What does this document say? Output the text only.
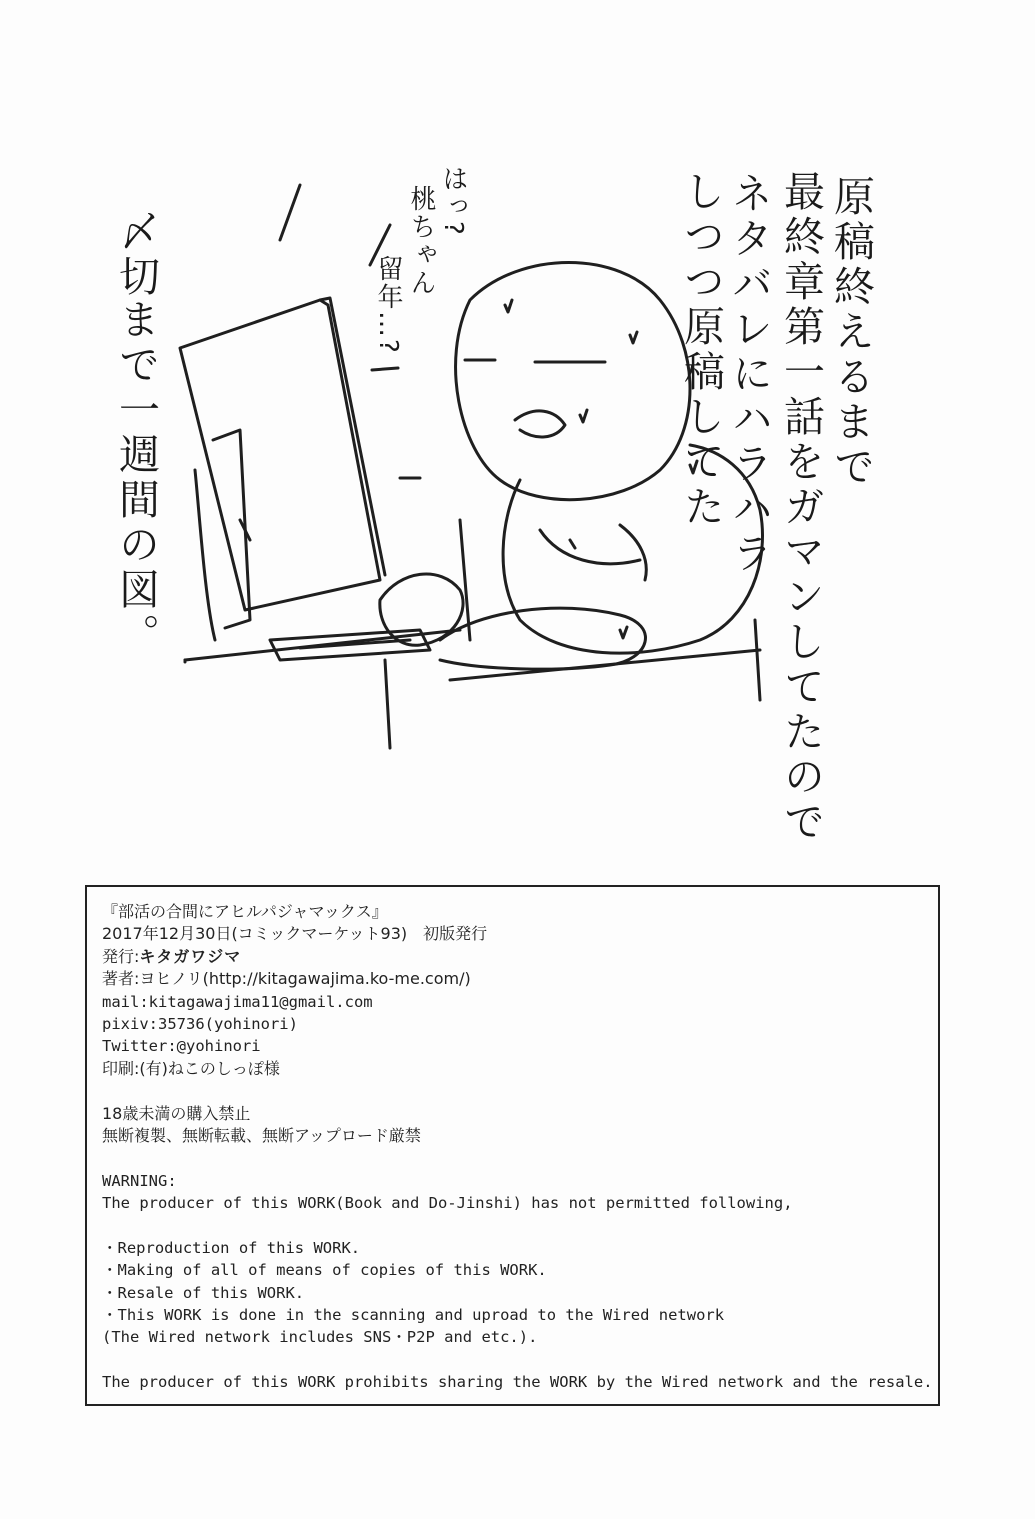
原稿終えるまで
最終章第一話をガマンしてたので
ネタバレにハラハラ
しつつ原稿してた
はっ?
桃ちゃん
留年…?
〆切
まで一週間の図。
『部活の合間にアヒルパジャマックス』
2017年12月30日(コミックマーケット93)　初版発行
発行:キタガワジマ
著者:ヨヒノリ(http://kitagawajima.ko-me.com/)
mail:kitagawajima11@gmail.com
pixiv:35736(yohinori)
Twitter:@yohinori
印刷:(有)ねこのしっぽ様
18歳未満の購入禁止
無断複製、無断転載、無断アップロード厳禁
WARNING:
The producer of this WORK(Book and Do-Jinshi) has not permitted following,
・Reproduction of this WORK.
・Making of all of means of copies of this WORK.
・Resale of this WORK.
・This WORK is done in the scanning and uproad to the Wired network
(The Wired network includes SNS・P2P and etc.).
The producer of this WORK prohibits sharing the WORK by the Wired network and the resale.
